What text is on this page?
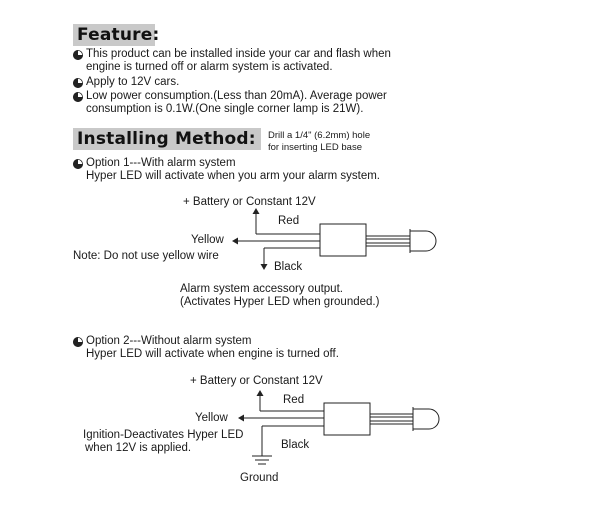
Feature:
This product can be installed inside your car and flash when
engine is turned off or alarm system is activated.
Apply to 12V cars.
Low power consumption.(Less than 20mA). Average power
consumption is 0.1W.(One single corner lamp is 21W).
Installing Method:	Drill a 1/4" (6.2mm) hole
for inserting LED base
Option 1---With alarm system
Hyper LED will activate when you arm your alarm system.
+ Battery or Constant 12V
Red
Yellow
Note: Do not use yellow wire
Black
Alarm system accessory output.
(Activates Hyper LED when grounded.)
Option 2---Without alarm system
Hyper LED will activate when engine is turned off.
+ Battery or Constant 12V
Red
Yellow
Ignition-Deactivates Hyper LED
when 12V is applied.	Black
Ground
